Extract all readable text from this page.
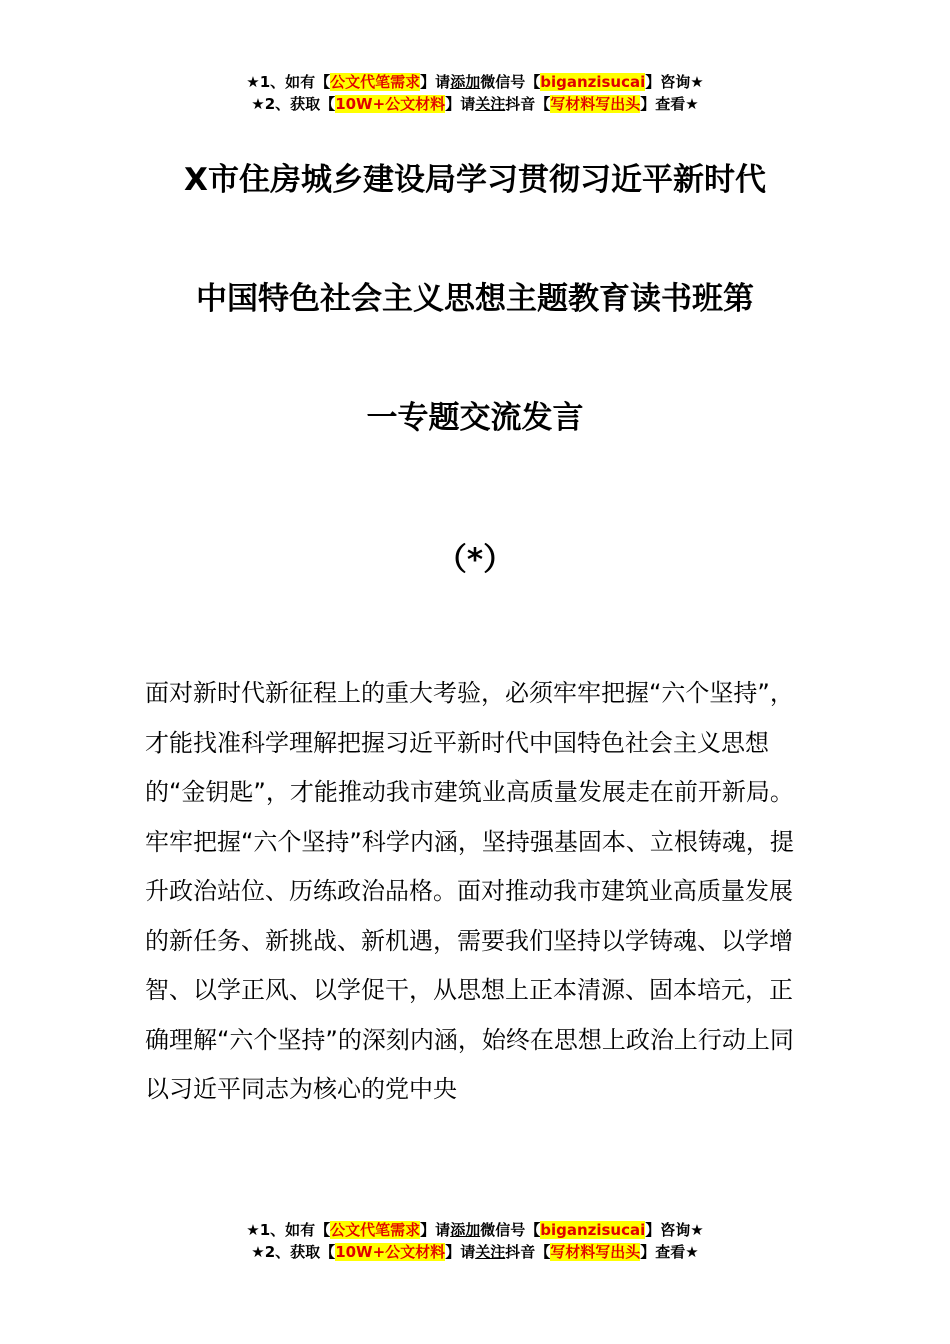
★1、如有【公文代笔需求】请添加微信号【biganzisucai】咨询★
★2、获取【10W+公文材料】请关注抖音【写材料写出头】查看★
X市住房城乡建设局学习贯彻习近平新时代
中国特色社会主义思想主题教育读书班第
一专题交流发言
（*）

面对新时代新征程上的重大考验，必须牢牢把握“六个坚持”，才能找准科学理解把握习近平新时代中国特色社会主义思想的“金钥匙”，才能推动我市建筑业高质量发展走在前开新局。

牢牢把握“六个坚持”科学内涵，坚持强基固本、立根铸魂，提升政治站位、历练政治品格。面对推动我市建筑业高质量发展的新任务、新挑战、新机遇，需要我们坚持以学铸魂、以学增智、以学正风、以学促干，从思想上正本清源、固本培元，正确理解“六个坚持”的深刻内涵，始终在思想上政治上行动上同以习近平同志为核心的党中央

★1、如有【公文代笔需求】请添加微信号【biganzisucai】咨询★
★2、获取【10W+公文材料】请关注抖音【写材料写出头】查看★
